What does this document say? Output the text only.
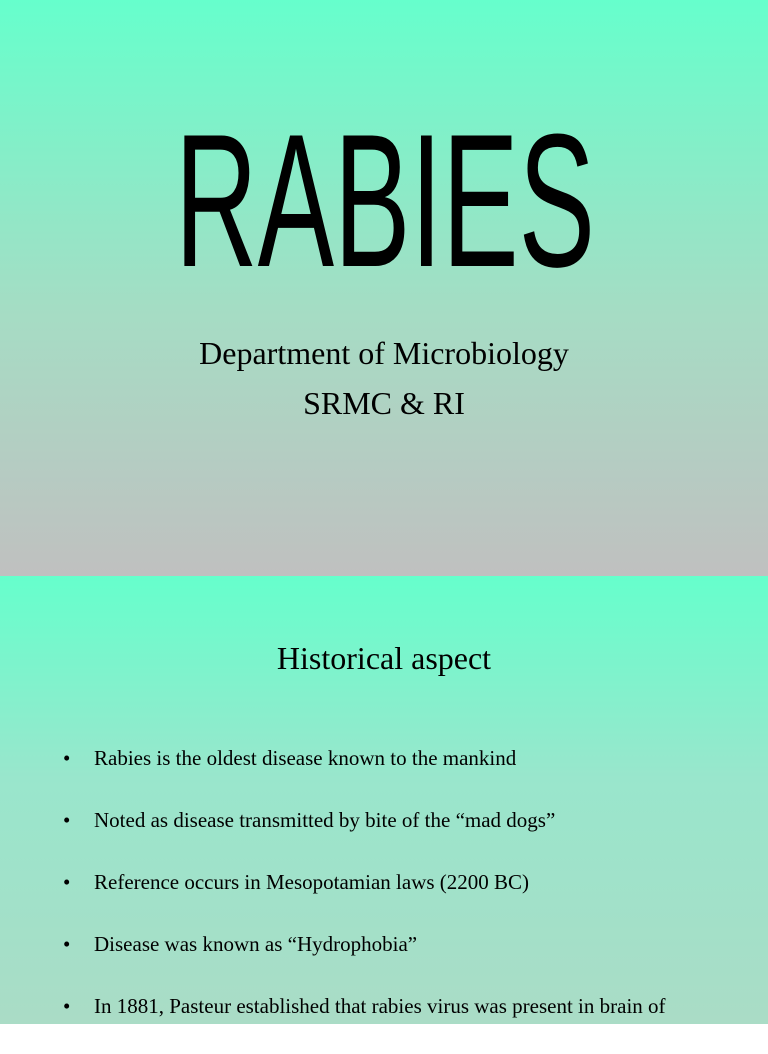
RABIES
Department of Microbiology
SRMC & RI
Historical aspect
• Rabies is the oldest disease known to the mankind
• Noted as disease transmitted by bite of the “mad dogs”
• Reference occurs in Mesopotamian laws (2200 BC)
• Disease was known as “Hydrophobia”
• In 1881, Pasteur established that rabies virus was present in brain of
